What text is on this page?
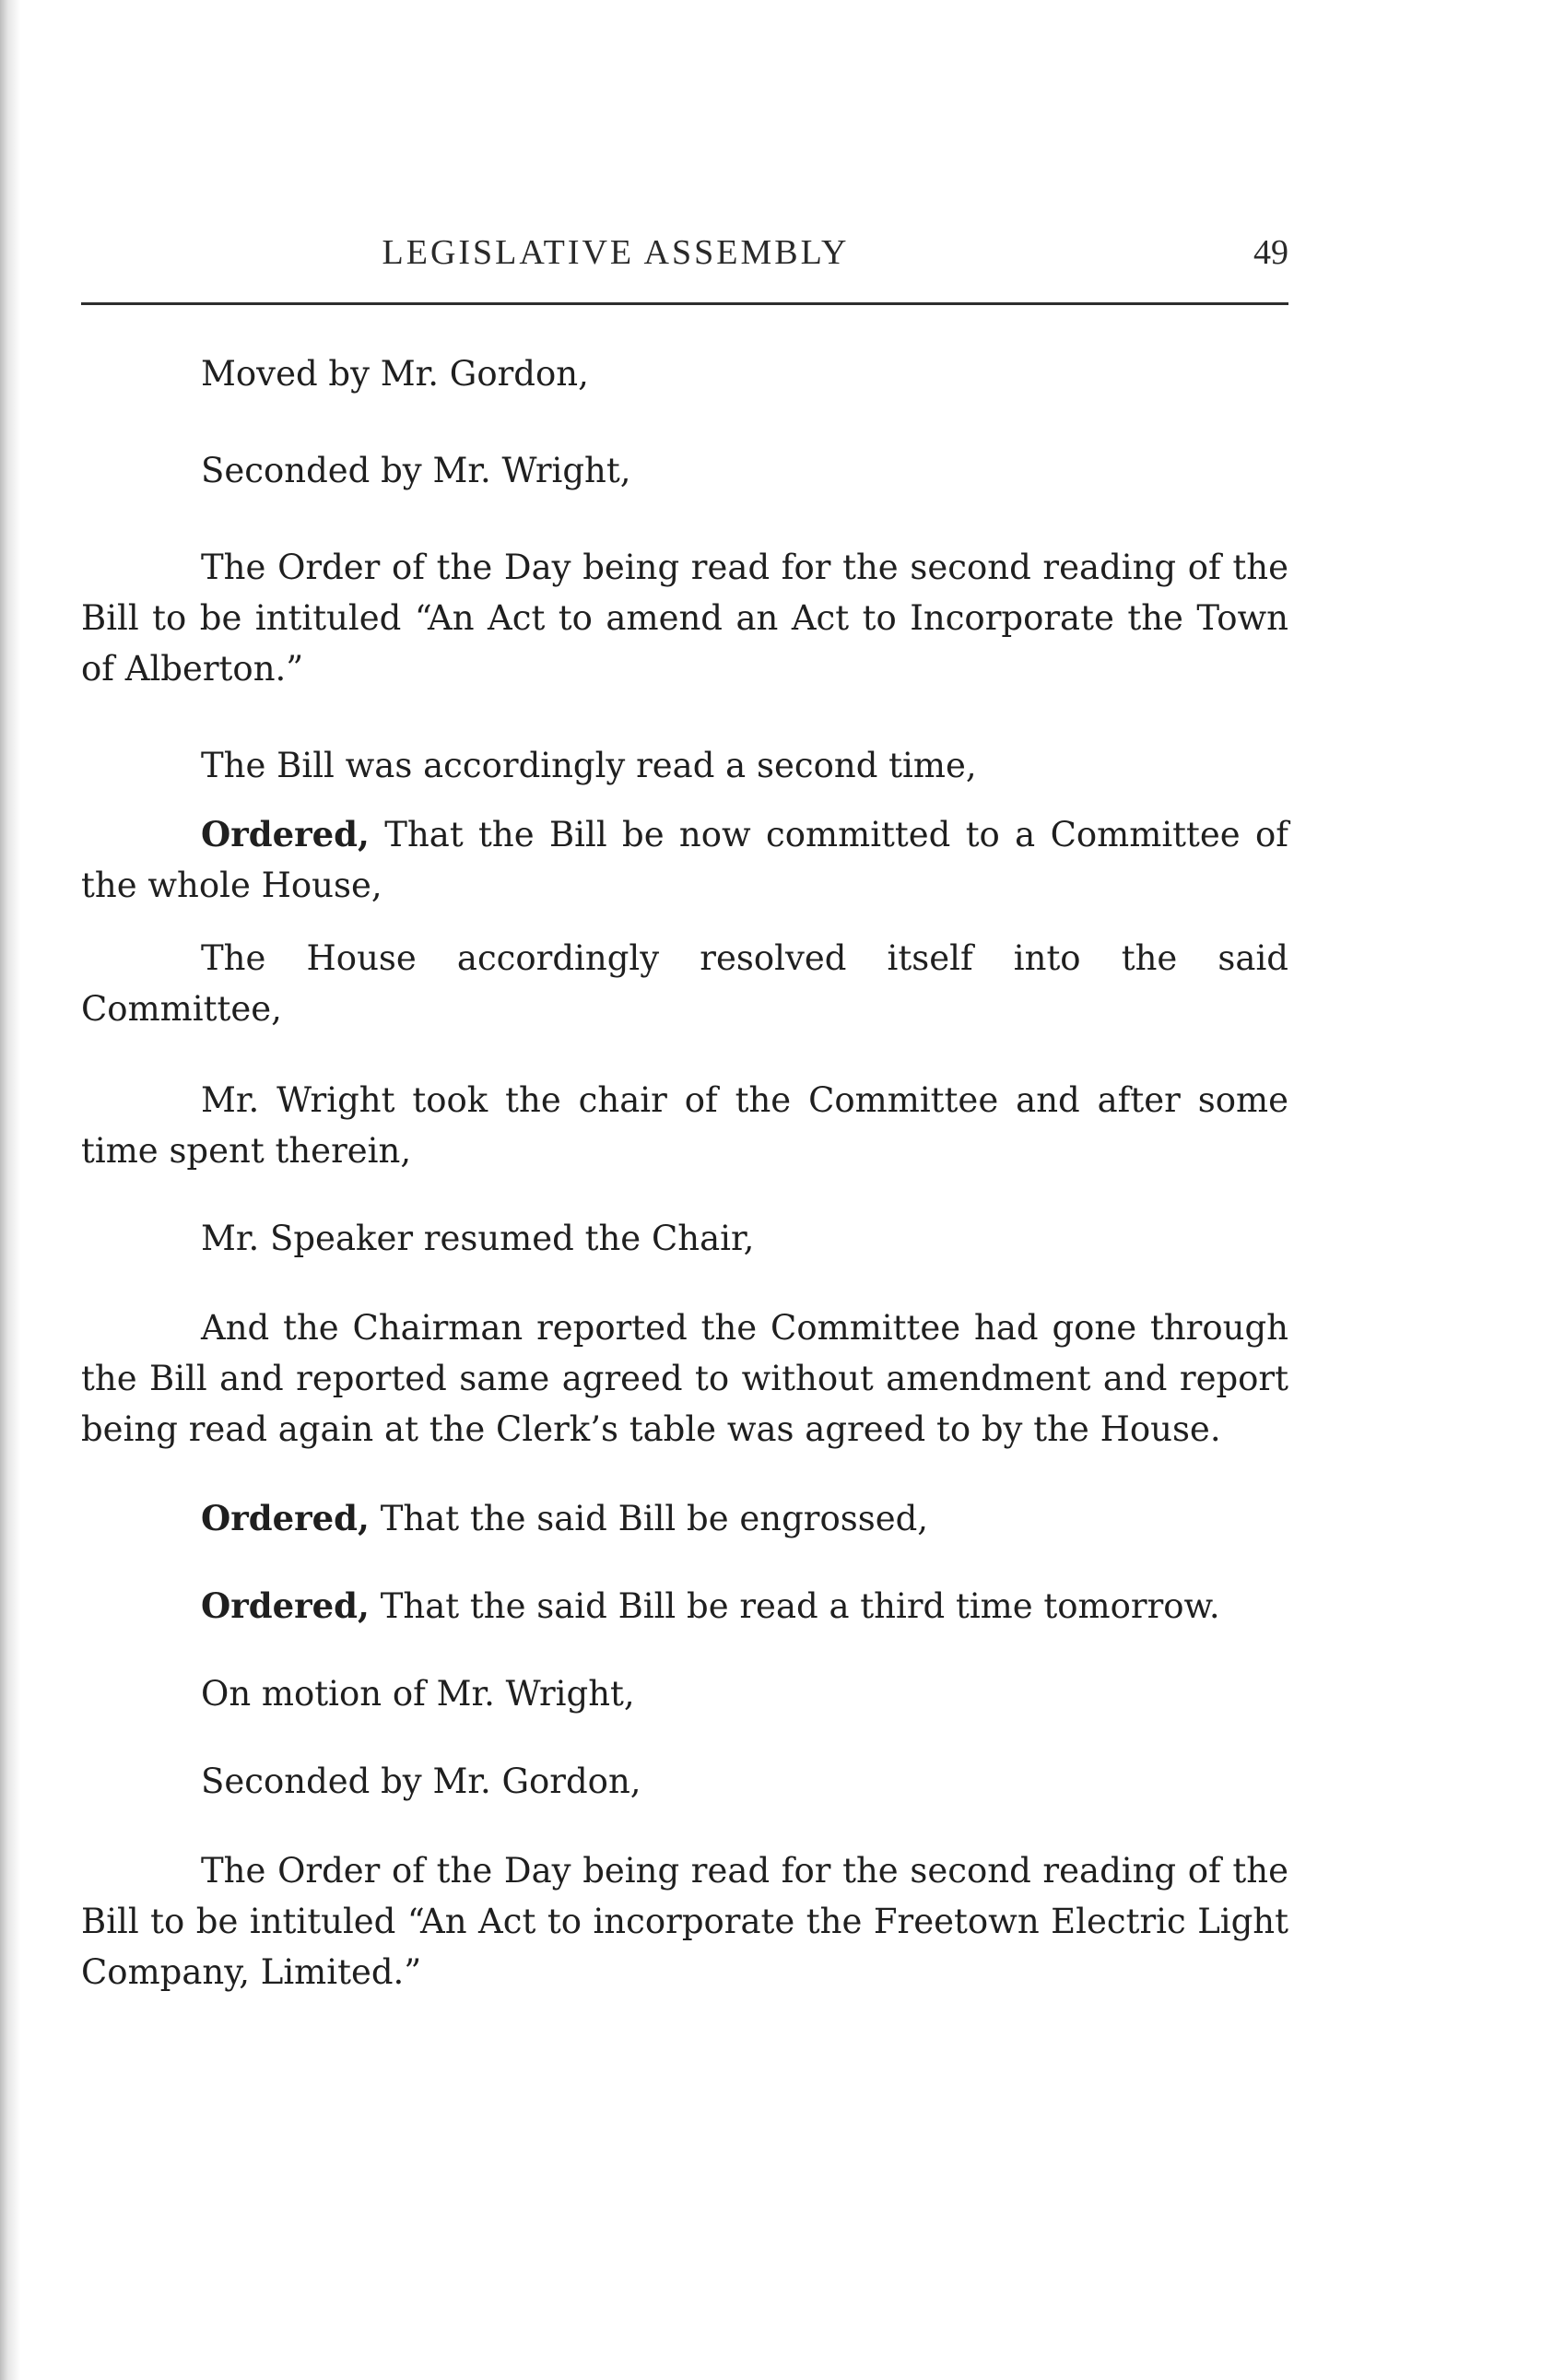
LEGISLATIVE ASSEMBLY	49

Moved by Mr. Gordon,

Seconded by Mr. Wright,

The Order of the Day being read for the second reading of the Bill to be intituled “An Act to amend an Act to Incorporate the Town of Alberton.”

The Bill was accordingly read a second time,

Ordered, That the Bill be now committed to a Committee of the whole House,

The House accordingly resolved itself into the said Committee,

Mr. Wright took the chair of the Committee and after some time spent therein,

Mr. Speaker resumed the Chair,

And the Chairman reported the Committee had gone through the Bill and reported same agreed to without amendment and report being read again at the Clerk’s table was agreed to by the House.

Ordered, That the said Bill be engrossed,

Ordered, That the said Bill be read a third time tomorrow.

On motion of Mr. Wright,

Seconded by Mr. Gordon,

The Order of the Day being read for the second reading of the Bill to be intituled “An Act to incorporate the Freetown Electric Light Company, Limited.”
